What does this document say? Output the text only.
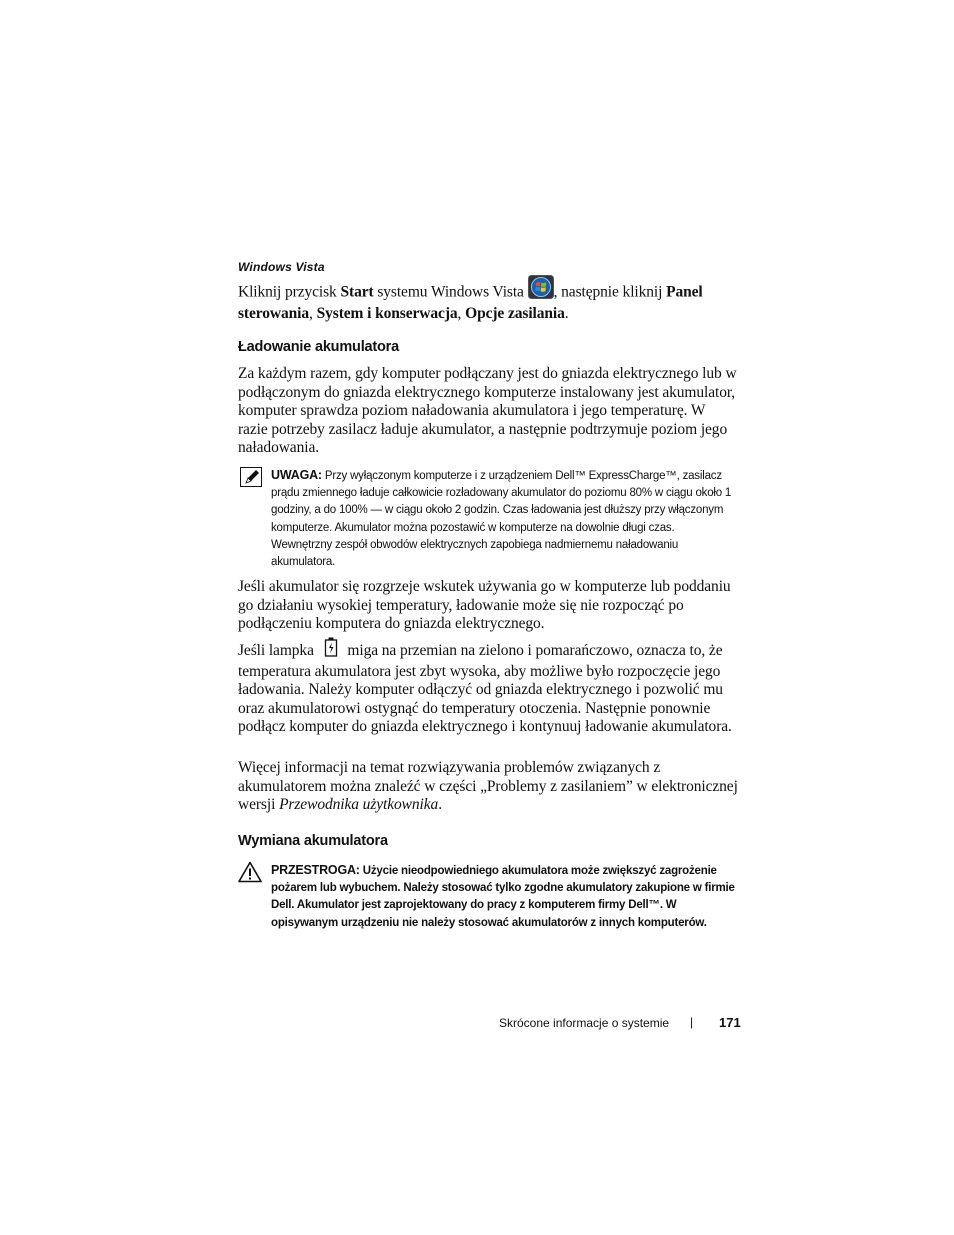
Windows Vista

Kliknij przycisk Start systemu Windows Vista , następnie kliknij Panel sterowania, System i konserwacja, Opcje zasilania.

Ładowanie akumulatora

Za każdym razem, gdy komputer podłączany jest do gniazda elektrycznego lub w podłączonym do gniazda elektrycznego komputerze instalowany jest akumulator, komputer sprawdza poziom naładowania akumulatora i jego temperaturę. W razie potrzeby zasilacz ładuje akumulator, a następnie podtrzymuje poziom jego naładowania.

UWAGA: Przy wyłączonym komputerze i z urządzeniem Dell™ ExpressCharge™, zasilacz prądu zmiennego ładuje całkowicie rozładowany akumulator do poziomu 80% w ciągu około 1 godziny, a do 100% — w ciągu około 2 godzin. Czas ładowania jest dłuższy przy włączonym komputerze. Akumulator można pozostawić w komputerze na dowolnie długi czas. Wewnętrzny zespół obwodów elektrycznych zapobiega nadmiernemu naładowaniu akumulatora.

Jeśli akumulator się rozgrzeje wskutek używania go w komputerze lub poddaniu go działaniu wysokiej temperatury, ładowanie może się nie rozpocząć po podłączeniu komputera do gniazda elektrycznego.

Jeśli lampka  miga na przemian na zielono i pomarańczowo, oznacza to, że temperatura akumulatora jest zbyt wysoka, aby możliwe było rozpoczęcie jego ładowania. Należy komputer odłączyć od gniazda elektrycznego i pozwolić mu oraz akumulatorowi ostygnąć do temperatury otoczenia. Następnie ponownie podłącz komputer do gniazda elektrycznego i kontynuuj ładowanie akumulatora.

Więcej informacji na temat rozwiązywania problemów związanych z akumulatorem można znaleźć w części „Problemy z zasilaniem” w elektronicznej wersji Przewodnika użytkownika.

Wymiana akumulatora
PRZESTROGA: Użycie nieodpowiedniego akumulatora może zwiększyć zagrożenie pożarem lub wybuchem. Należy stosować tylko zgodne akumulatory zakupione w firmie Dell. Akumulator jest zaprojektowany do pracy z komputerem firmy Dell™. W opisywanym urządzeniu nie należy stosować akumulatorów z innych komputerów.
Skrócone informacje o systemie | 171
